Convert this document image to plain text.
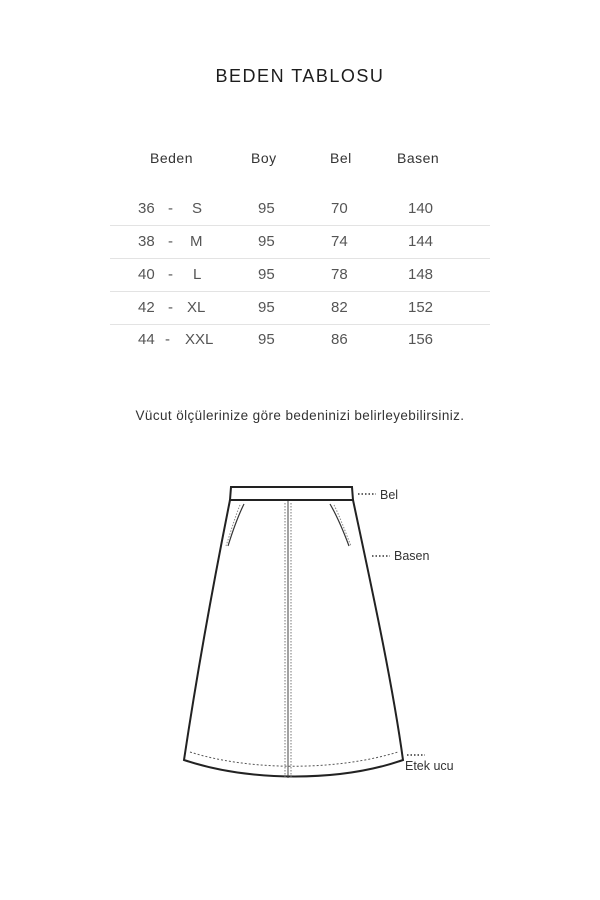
BEDEN TABLOSU
Beden	Boy	Bel	Basen
36 - S	95	70	140
38 - M	95	74	144
40 - L	95	78	148
42 - XL	95	82	152
44 - XXL	95	86	156
Vücut ölçülerinize göre bedeninizi belirleyebilirsiniz.
Bel
Basen
Etek ucu
